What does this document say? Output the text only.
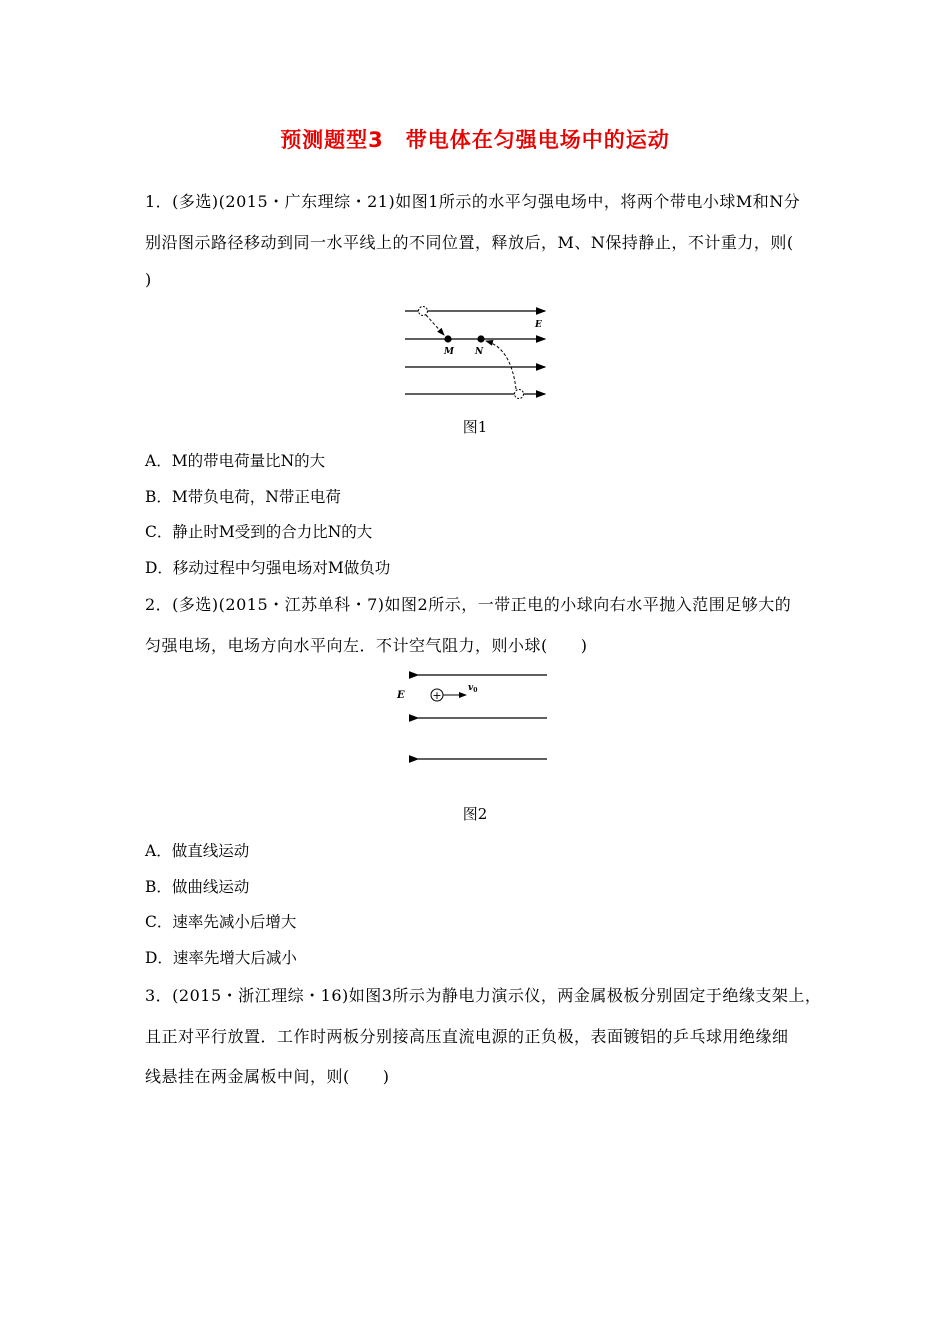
预测题型3　带电体在匀强电场中的运动
1．(多选)(2015・广东理综・21)如图1所示的水平匀强电场中，将两个带电小球M和N分
别沿图示路径移动到同一水平线上的不同位置，释放后，M、N保持静止，不计重力，则(
)
M N
E
图1
A．M的带电荷量比N的大
B．M带负电荷，N带正电荷
C．静止时M受到的合力比N的大
D．移动过程中匀强电场对M做负功
2．(多选)(2015・江苏单科・7)如图2所示，一带正电的小球向右水平抛入范围足够大的
匀强电场，电场方向水平向左．不计空气阻力，则小球(　　)
E	+
$v_0$
图2
A．做直线运动
B．做曲线运动
C．速率先减小后增大
D．速率先增大后减小
3．(2015・浙江理综・16)如图3所示为静电力演示仪，两金属极板分别固定于绝缘支架上，
且正对平行放置．工作时两板分别接高压直流电源的正负极，表面镀铝的乒乓球用绝缘细
线悬挂在两金属板中间，则(　　)
